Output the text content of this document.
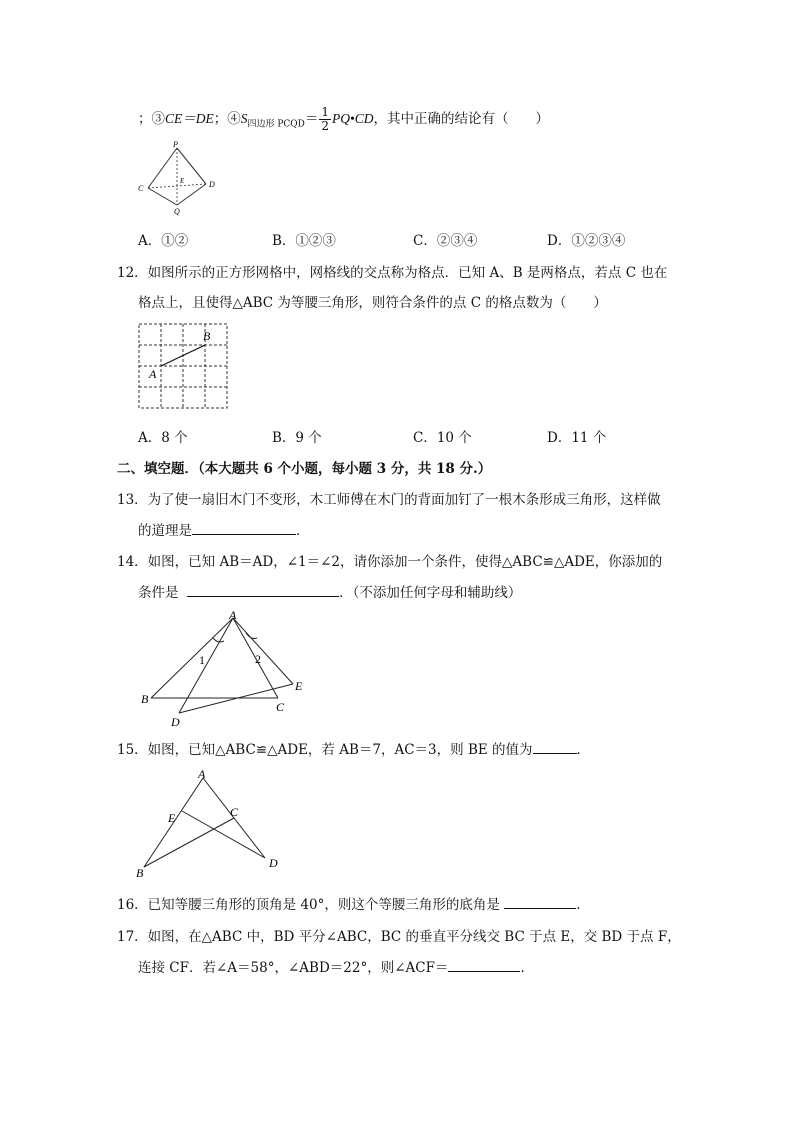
；③CE＝DE；$④S_{四边形 PCQD}= \frac{1}{2}$ PQ•CD，其中正确的结论有（　　）
P
C	D
Q
E
A．①②	B．①②③	C．②③④	D．①②③④
12．如图所示的正方形网格中，网格线的交点称为格点．已知 A、B 是两格点，若点 C 也在
格点上，且使得△ABC 为等腰三角形，则符合条件的点 C 的格点数为（　　）
A
B
A．8 个	B．9 个	C．10 个	D．11 个
二、填空题．（本大题共 6 个小题，每小题 3 分，共 18 分.）
13．为了使一扇旧木门不变形，木工师傅在木门的背面加钉了一根木条形成三角形，这样做
的道理是	．
14．如图，已知 AB＝AD，∠1＝∠2，请你添加一个条件，使得△ABC≌△ADE，你添加的
条件是	．（不添加任何字母和辅助线）
A
B
C
D
E
1	2
15．如图，已知△ABC≌△ADE，若 AB＝7，AC＝3，则 BE 的值为	．
A
B
C
D
E
16．已知等腰三角形的顶角是 40°，则这个等腰三角形的底角是	．
17．如图，在△ABC 中，BD 平分∠ABC，BC 的垂直平分线交 BC 于点 E，交 BD 于点 F，
连接 CF．若∠A＝58°，∠ABD＝22°，则∠ACF＝	．
